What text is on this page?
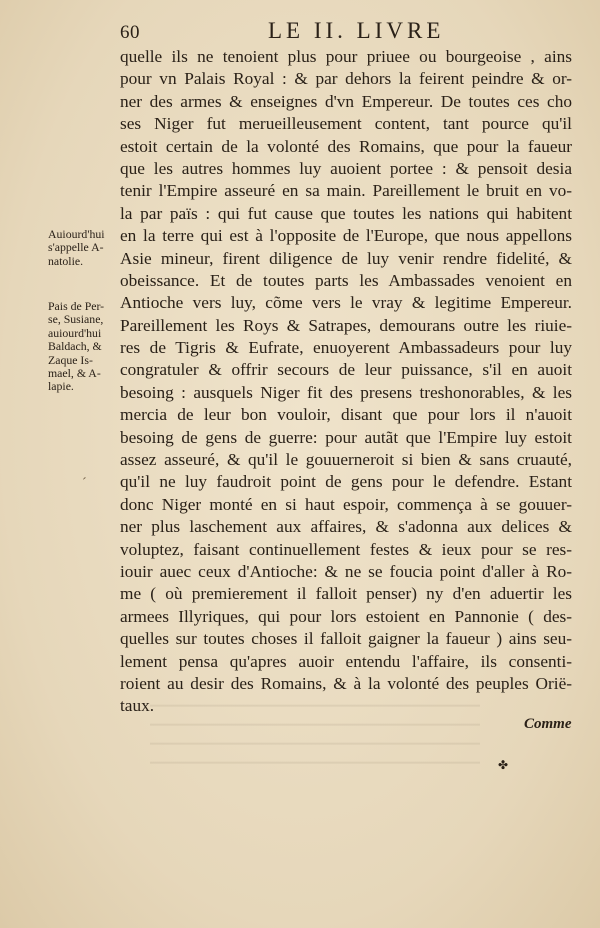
60	LE II. LIVRE
quelle ils ne tenoient plus pour priuee ou bourgeoise , ains
pour vn Palais Royal : & par dehors la feirent peindre & or-
ner des armes & enseignes d'vn Empereur. De toutes ces cho
ses Niger fut merueilleusement content, tant pource qu'il
estoit certain de la volonté des Romains, que pour la faueur
que les autres hommes luy auoient portee : & pensoit desia
tenir l'Empire asseuré en sa main. Pareillement le bruit en vo-
la par païs : qui fut cause que toutes les nations qui habitent
en la terre qui est à l'opposite de l'Europe, que nous appellons
Asie mineur, firent diligence de luy venir rendre fidelité, &
obeissance. Et de toutes parts les Ambassades venoient en
Antioche vers luy, cõme vers le vray & legitime Empereur.
Pareillement les Roys & Satrapes, demourans outre les riuie-
res de Tigris & Eufrate, enuoyerent Ambassadeurs pour luy
congratuler & offrir secours de leur puissance, s'il en auoit
besoing : ausquels Niger fit des presens treshonorables, & les
mercia de leur bon vouloir, disant que pour lors il n'auoit
besoing de gens de guerre: pour autãt que l'Empire luy estoit
assez asseuré, & qu'il le gouuerneroit si bien & sans cruauté,
qu'il ne luy faudroit point de gens pour le defendre. Estant
donc Niger monté en si haut espoir, commença à se gouuer-
ner plus laschement aux affaires, & s'adonna aux delices &
voluptez, faisant continuellement festes & ieux pour se res-
iouir auec ceux d'Antioche: & ne se foucia point d'aller à Ro-
me ( où premierement il falloit penser) ny d'en aduertir les
armees Illyriques, qui pour lors estoient en Pannonie ( des-
quelles sur toutes choses il falloit gaigner la faueur ) ains seu-
lement pensa qu'apres auoir entendu l'affaire, ils consenti-
roient au desir des Romains, & à la volonté des peuples Orië-
taux.
Auiourd'hui
s'appelle A-
natolie.
Pais de Per-
se, Susiane,
auiourd'hui
Baldach, &
Zaque Is-
mael, & A-
lapie.
ˊ
Comme
✤
